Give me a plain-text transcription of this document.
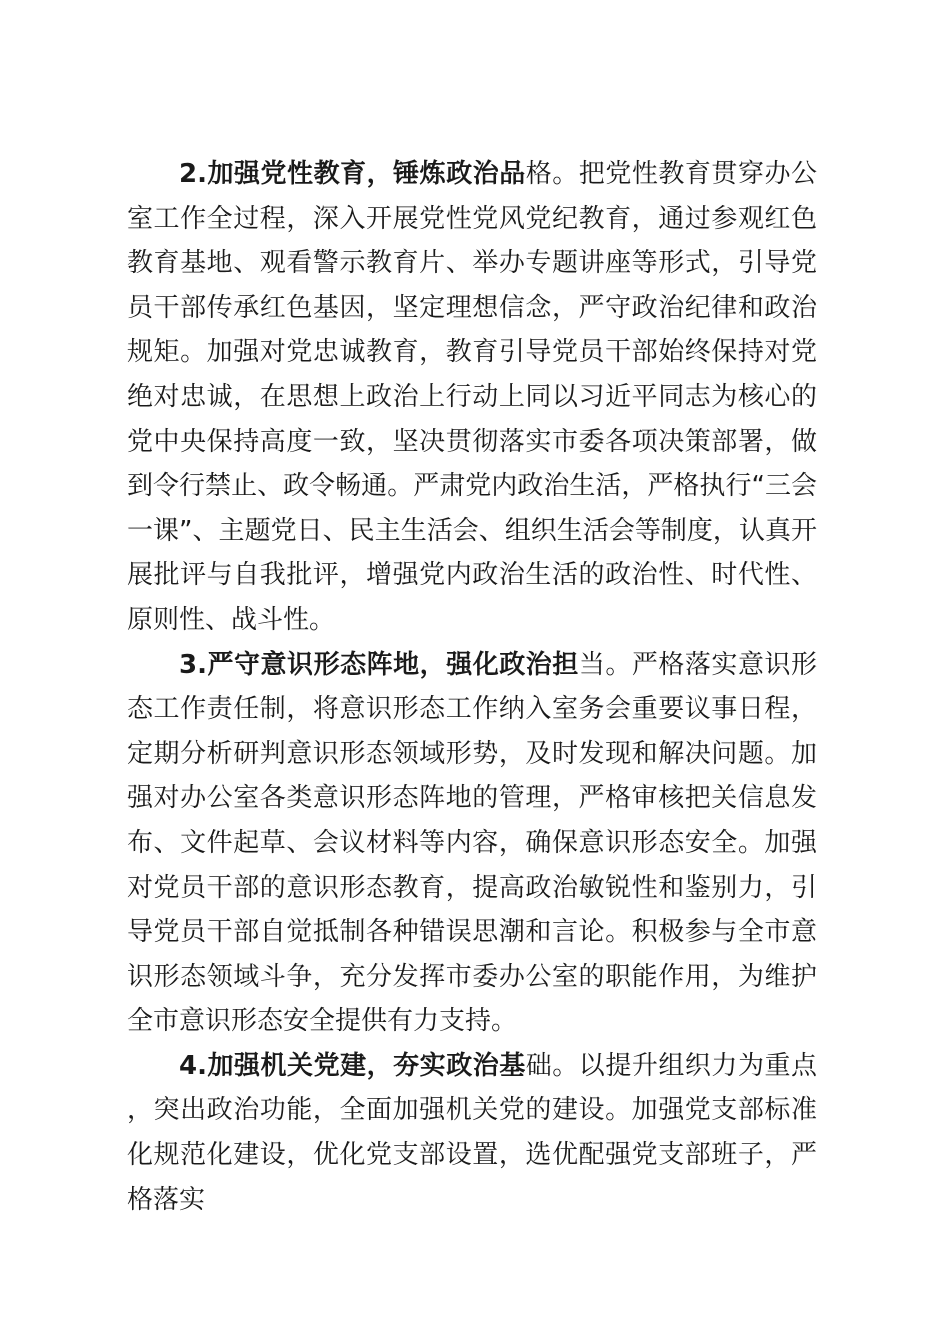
2.加强党性教育，锤炼政治品格。把党性教育贯穿办公室工作全过程，深入开展党性党风党纪教育，通过参观红色教育基地、观看警示教育片、举办专题讲座等形式，引导党员干部传承红色基因，坚定理想信念，严守政治纪律和政治规矩。加强对党忠诚教育，教育引导党员干部始终保持对党绝对忠诚，在思想上政治上行动上同以习近平同志为核心的党中央保持高度一致，坚决贯彻落实市委各项决策部署，做到令行禁止、政令畅通。严肃党内政治生活，严格执行“三会一课”、主题党日、民主生活会、组织生活会等制度，认真开展批评与自我批评，增强党内政治生活的政治性、时代性、原则性、战斗性。

3.严守意识形态阵地，强化政治担当。严格落实意识形态工作责任制，将意识形态工作纳入室务会重要议事日程，定期分析研判意识形态领域形势，及时发现和解决问题。加强对办公室各类意识形态阵地的管理，严格审核把关信息发布、文件起草、会议材料等内容，确保意识形态安全。加强对党员干部的意识形态教育，提高政治敏锐性和鉴别力，引导党员干部自觉抵制各种错误思潮和言论。积极参与全市意识形态领域斗争，充分发挥市委办公室的职能作用，为维护全市意识形态安全提供有力支持。

4.加强机关党建，夯实政治基础。以提升组织力为重点，突出政治功能，全面加强机关党的建设。加强党支部标准化规范化建设，优化党支部设置，选优配强党支部班子，严格落实
